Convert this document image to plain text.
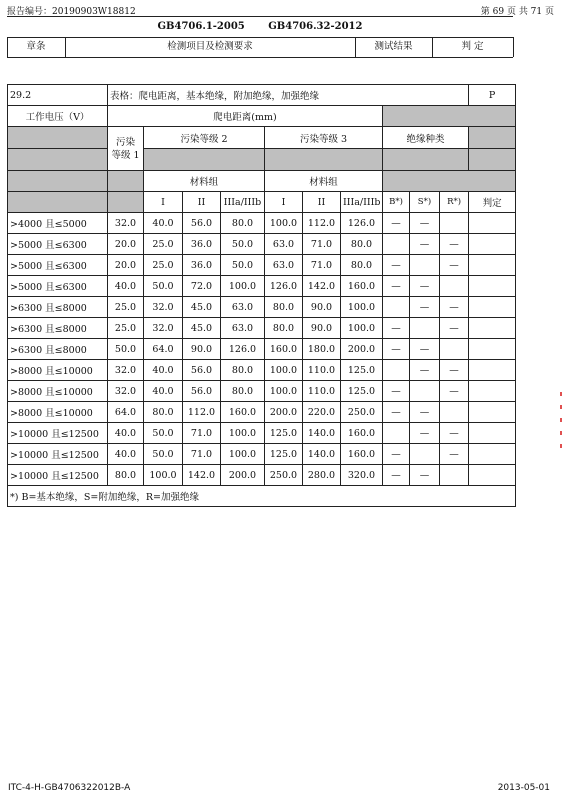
报告编号：20190903W18812	第 69 页 共 71 页
GB4706.1-2005 GB4706.32-2012
章条	检测项目及检测要求	测试结果	判 定
29.2	表格：爬电距离，基本绝缘，附加绝缘，加强绝缘										P
工作电压（V）	爬电距离(mm)										
	污染
等级 1	污染等级 2			污染等级 3			绝缘种类			

		材料组			材料组						
		I	II	IIIa/IIIb	I	II	IIIa/IIIb	B*)	S*)	R*)	判定
>4000 且≤5000	32.0	40.0	56.0	80.0	100.0	112.0	126.0	—	—		
>5000 且≤6300	20.0	25.0	36.0	50.0	63.0	71.0	80.0		—	—	
>5000 且≤6300	20.0	25.0	36.0	50.0	63.0	71.0	80.0	—		—	
>5000 且≤6300	40.0	50.0	72.0	100.0	126.0	142.0	160.0	—	—		
>6300 且≤8000	25.0	32.0	45.0	63.0	80.0	90.0	100.0		—	—	
>6300 且≤8000	25.0	32.0	45.0	63.0	80.0	90.0	100.0	—		—	
>6300 且≤8000	50.0	64.0	90.0	126.0	160.0	180.0	200.0	—	—		
>8000 且≤10000	32.0	40.0	56.0	80.0	100.0	110.0	125.0		—	—	
>8000 且≤10000	32.0	40.0	56.0	80.0	100.0	110.0	125.0	—		—	
>8000 且≤10000	64.0	80.0	112.0	160.0	200.0	220.0	250.0	—	—		
>10000 且≤12500	40.0	50.0	71.0	100.0	125.0	140.0	160.0		—	—	
>10000 且≤12500	40.0	50.0	71.0	100.0	125.0	140.0	160.0	—		—	
>10000 且≤12500	80.0	100.0	142.0	200.0	250.0	280.0	320.0	—	—		
*) B=基本绝缘，S=附加绝缘，R=加强绝缘											
ITC-4-H-GB4706322012B-A	2013-05-01
